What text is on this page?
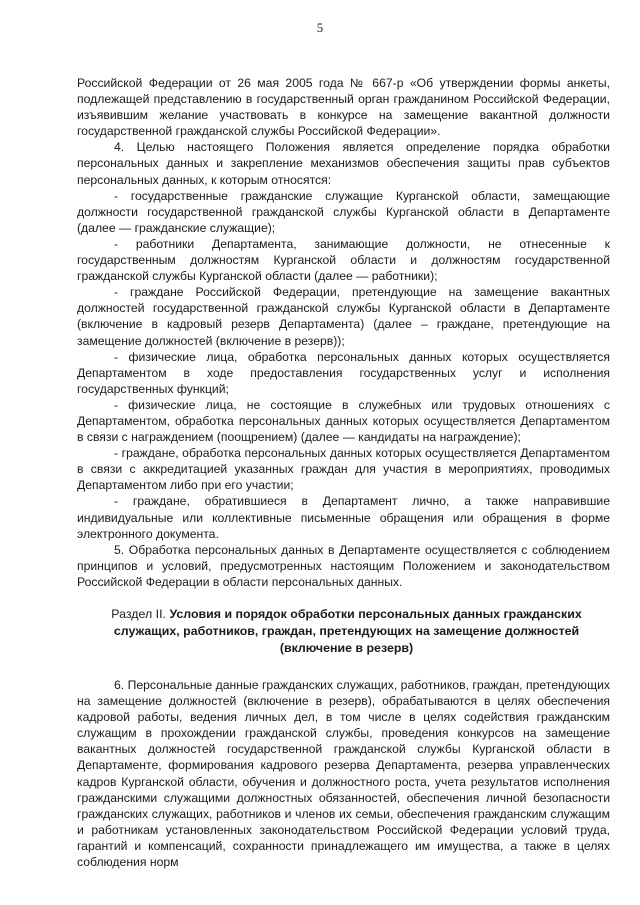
5

Российской Федерации от 26 мая 2005 года № 667-р «Об утверждении формы анкеты, подлежащей представлению в государственный орган гражданином Российской Федерации, изъявившим желание участвовать в конкурсе на замещение вакантной должности государственной гражданской службы Российской Федерации».

4. Целью настоящего Положения является определение порядка обработки персональных данных и закрепление механизмов обеспечения защиты прав субъектов персональных данных, к которым относятся:

- государственные гражданские служащие Курганской области, замещающие должности государственной гражданской службы Курганской области в Департаменте (далее — гражданские служащие);

- работники Департамента, занимающие должности, не отнесенные к государственным должностям Курганской области и должностям государственной гражданской службы Курганской области (далее — работники);

- граждане Российской Федерации, претендующие на замещение вакантных должностей государственной гражданской службы Курганской области в Департаменте (включение в кадровый резерв Департамента) (далее – граждане, претендующие на замещение должностей (включение в резерв));

- физические лица, обработка персональных данных которых осуществляется Департаментом в ходе предоставления государственных услуг и исполнения государственных функций;

- физические лица, не состоящие в служебных или трудовых отношениях с Департаментом, обработка персональных данных которых осуществляется Департаментом в связи с награждением (поощрением) (далее — кандидаты на награждение);

- граждане, обработка персональных данных которых осуществляется Департаментом в связи с аккредитацией указанных граждан для участия в мероприятиях, проводимых Департаментом либо при его участии;

- граждане, обратившиеся в Департамент лично, а также направившие индивидуальные или коллективные письменные обращения или обращения в форме электронного документа.

5. Обработка персональных данных в Департаменте осуществляется с соблюдением принципов и условий, предусмотренных настоящим Положением и законодательством Российской Федерации в области персональных данных.

Раздел II. Условия и порядок обработки персональных данных гражданских служащих, работников, граждан, претендующих на замещение должностей (включение в резерв)

6. Персональные данные гражданских служащих, работников, граждан, претендующих на замещение должностей (включение в резерв), обрабатываются в целях обеспечения кадровой работы, ведения личных дел, в том числе в целях содействия гражданским служащим в прохождении гражданской службы, проведения конкурсов на замещение вакантных должностей государственной гражданской службы Курганской области в Департаменте, формирования кадрового резерва Департамента, резерва управленческих кадров Курганской области, обучения и должностного роста, учета результатов исполнения гражданскими служащими должностных обязанностей, обеспечения личной безопасности гражданских служащих, работников и членов их семьи, обеспечения гражданским служащим и работникам установленных законодательством Российской Федерации условий труда, гарантий и компенсаций, сохранности принадлежащего им имущества, а также в целях соблюдения норм
